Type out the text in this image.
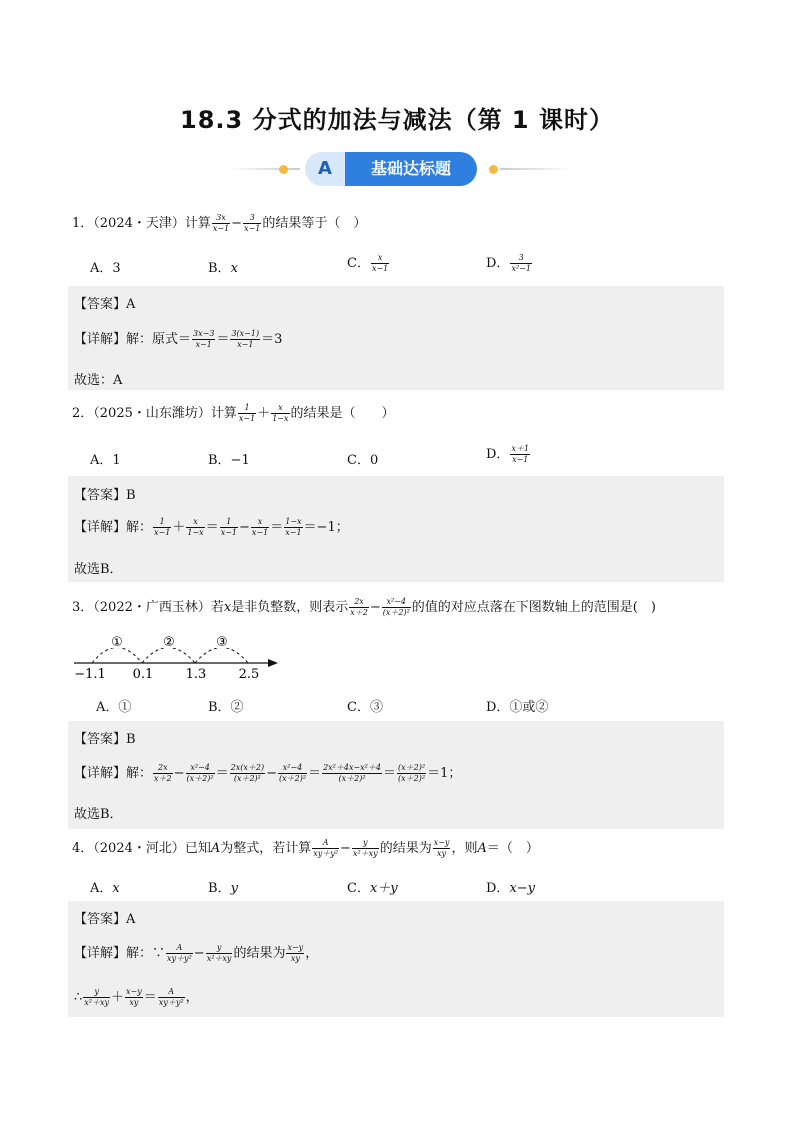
18.3 分式的加法与减法（第 1 课时）
A	基础达标题
1．（2024・天津）计算 $\frac{3x}{x-1} - \frac{3}{x-1}$ 的结果等于（　）
A．3	B．x	C． $\frac{x}{x-1}$	D． $\frac{3}{\text{x²−1}}$
【答案】A
【详解】解：原式＝ $\frac{3x-3}{x-1} = \frac{3(x-1)}{x-1} =3$
故选：A
2．（2025・山东潍坊）计算 $\frac{1}{x-1} + \frac{x}{1-x}$ 的结果是（　　）
A．1	B．−1	C．0	D． $\frac{x+1}{x-1}$
【答案】B
【详解】解： $\frac{1}{x-1} + \frac{x}{1-x} = \frac{1}{x-1} - \frac{x}{x-1} = \frac{1-x}{x-1} =-1$；
故选B．
3．（2022・广西玉林）若x是非负整数，则表示 $\frac{2x}{x+2} - \frac{\text{x²−4}}{\text{(x＋2)²}}$ 的值的对应点落在下图数轴上的范围是(　)
①	②	③
−1.1 0.1 1.3 2.5
A．①	B．②	C．③	D．①或②
【答案】B
【详解】解： $\frac{2x}{x+2} - \frac{\text{x²−4}}{\text{(x＋2)²}} = \frac{2x(x+2)}{\text{(x＋2)²}} - \frac{\text{x²−4}}{\text{(x＋2)²}} = \frac{\text{2x²＋4x−x²＋4}}{\text{(x＋2)²}} = \frac{\text{(x＋2)²}}{\text{(x＋2)²}} =1$；
故选B．
4．（2024・河北）已知A为整式，若计算 $\frac{A}{\text{xy＋y²}} - \frac{y}{\text{x²＋xy}}$ 的结果为 $\frac{x-y}{xy}$ ，则A＝（　）
A．x	B．y	C．x＋y	D．x−y
【答案】A
【详解】解：∵ $\frac{A}{\text{xy＋y²}} - \frac{y}{\text{x²＋xy}}$ 的结果为 $\frac{x-y}{xy}$ ，
∴ $\frac{y}{\text{x²＋xy}} + \frac{x-y}{xy} = \frac{A}{\text{xy＋y²}}$ ，
